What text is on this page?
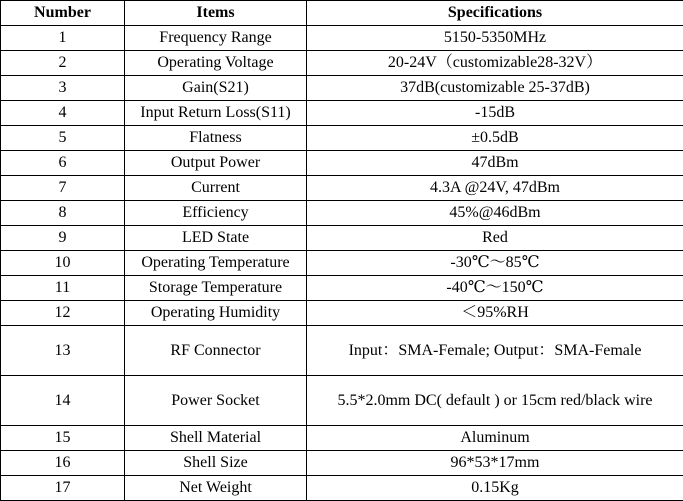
Number	Items	Specifications
1	Frequency Range	5150-5350MHz
2	Operating Voltage	20-24V（customizable28-32V）
3	Gain(S21)	37dB(customizable 25-37dB)
4	Input Return Loss(S11)	-15dB
5	Flatness	±0.5dB
6	Output Power	47dBm
7	Current	4.3A @24V, 47dBm
8	Efficiency	45%@46dBm
9	LED State	Red
10	Operating Temperature	-30℃～85℃
11	Storage Temperature	-40℃～150℃
12	Operating Humidity	＜95%RH
13	RF Connector	Input：SMA-Female; Output：SMA-Female
14	Power Socket	5.5*2.0mm DC( default ) or 15cm red/black wire
15	Shell Material	Aluminum
16	Shell Size	96*53*17mm
17	Net Weight	0.15Kg
